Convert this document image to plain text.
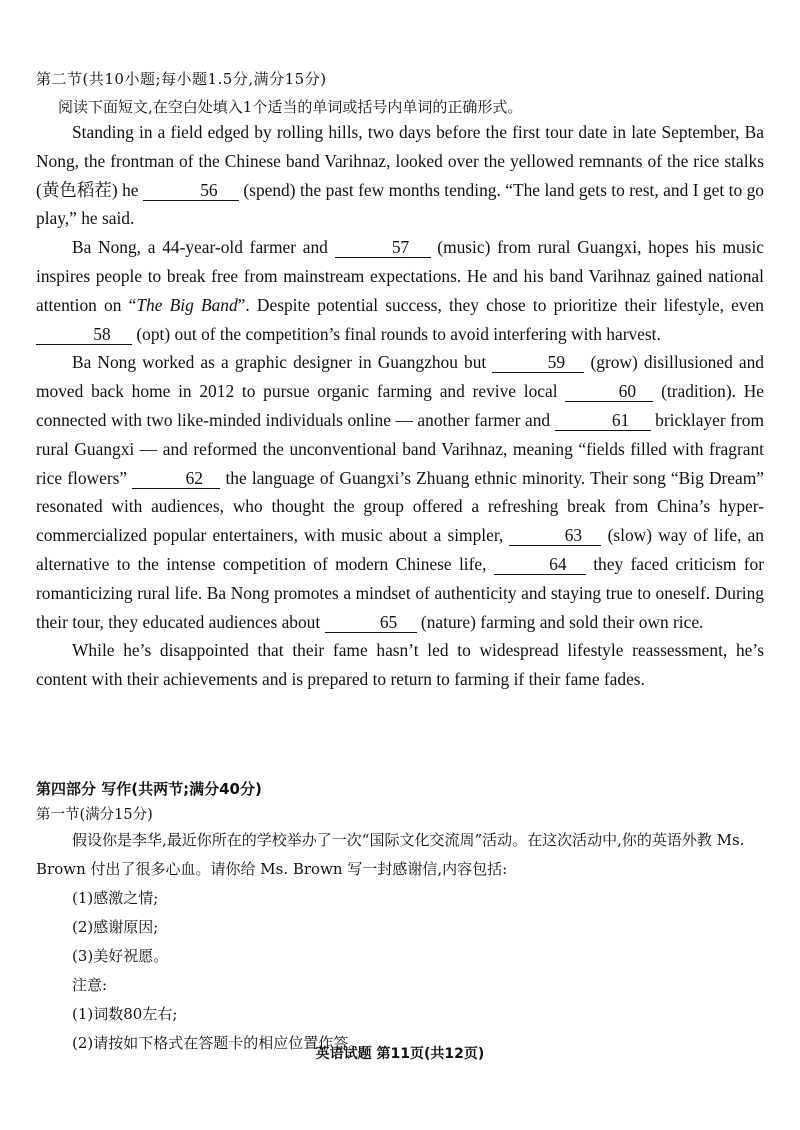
第二节(共10小题;每小题1.5分,满分15分)
阅读下面短文,在空白处填入1个适当的单词或括号内单词的正确形式。

Standing in a field edged by rolling hills, two days before the first tour date in late September, Ba Nong, the frontman of the Chinese band Varihnaz, looked over the yellowed remnants of the rice stalks (黄色稻茬) he	56 (spend) the past few months tending. “The land gets to rest, and I get to go play,” he said.

Ba Nong, a 44-year-old farmer and	57 (music) from rural Guangxi, hopes his music inspires people to break free from mainstream expectations. He and his band Varihnaz gained national attention on “The Big Band”. Despite potential success, they chose to prioritize their lifestyle, even 58 (opt) out of the competition’s final rounds to avoid interfering with harvest.

Ba Nong worked as a graphic designer in Guangzhou but	59 (grow) disillusioned and moved back home in 2012 to pursue organic farming and revive local	60 (tradition). He connected with two like-minded individuals online — another farmer and	61 bricklayer from rural Guangxi — and reformed the unconventional band Varihnaz, meaning “fields filled with fragrant rice flowers”	62 the language of Guangxi’s Zhuang ethnic minority. Their song “Big Dream” resonated with audiences, who thought the group offered a refreshing break from China’s hyper-commercialized popular entertainers, with music about a simpler,	63 (slow) way of life, an alternative to the intense competition of modern Chinese life,	64 they faced criticism for romanticizing rural life. Ba Nong promotes a mindset of authenticity and staying true to oneself. During their tour, they educated audiences about	65 (nature) farming and sold their own rice.

While he’s disappointed that their fame hasn’t led to widespread lifestyle reassessment, he’s content with their achievements and is prepared to return to farming if their fame fades.

第四部分 写作(共两节;满分40分)
第一节(满分15分)

假设你是李华,最近你所在的学校举办了一次“国际文化交流周”活动。在这次活动中,你的英语外教 Ms. Brown 付出了很多心血。请你给 Ms. Brown 写一封感谢信,内容包括:

(1)感激之情;

(2)感谢原因;

(3)美好祝愿。

注意:

(1)词数80左右;

(2)请按如下格式在答题卡的相应位置作答。

英语试题 第11页(共12页)
